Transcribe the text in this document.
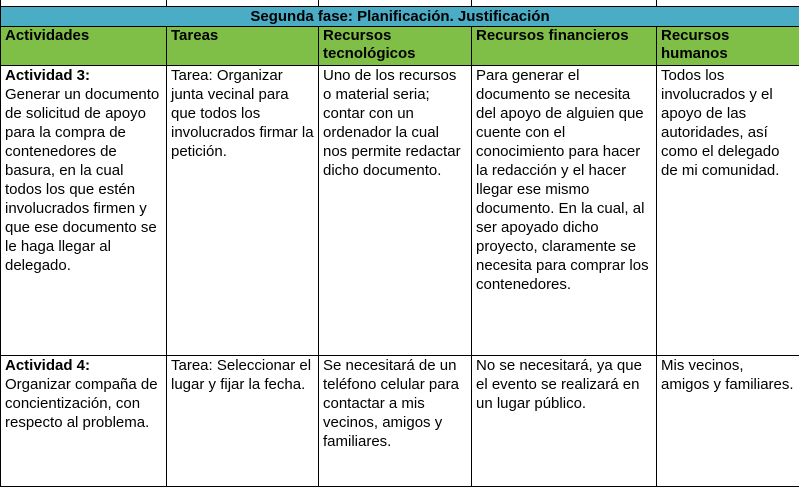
Segunda fase: Planificación. Justificación				
Actividades	Tareas	Recursos tecnológicos	Recursos financieros	Recursos humanos

Actividad 3:
Generar un documento de solicitud de apoyo para la compra de contenedores de basura, en la cual todos los que estén involucrados firmen y que ese documento se le haga llegar al delegado.	Tarea: Organizar junta vecinal para que todos los involucrados firmar la petición.	Uno de los recursos o material seria; contar con un ordenador la cual nos permite redactar dicho documento.	Para generar el documento se necesita del apoyo de alguien que cuente con el conocimiento para hacer la redacción y el hacer llegar ese mismo documento. En la cual, al ser apoyado dicho proyecto, claramente se necesita para comprar los contenedores.	Todos los involucrados y el apoyo de las autoridades, así como el delegado de mi comunidad.

Actividad 4:
Organizar compaña de concientización, con respecto al problema.	Tarea: Seleccionar el lugar y fijar la fecha.	Se necesitará de un teléfono celular para contactar a mis vecinos, amigos y familiares.	No se necesitará, ya que el evento se realizará en un lugar público.	Mis vecinos, amigos y familiares.
